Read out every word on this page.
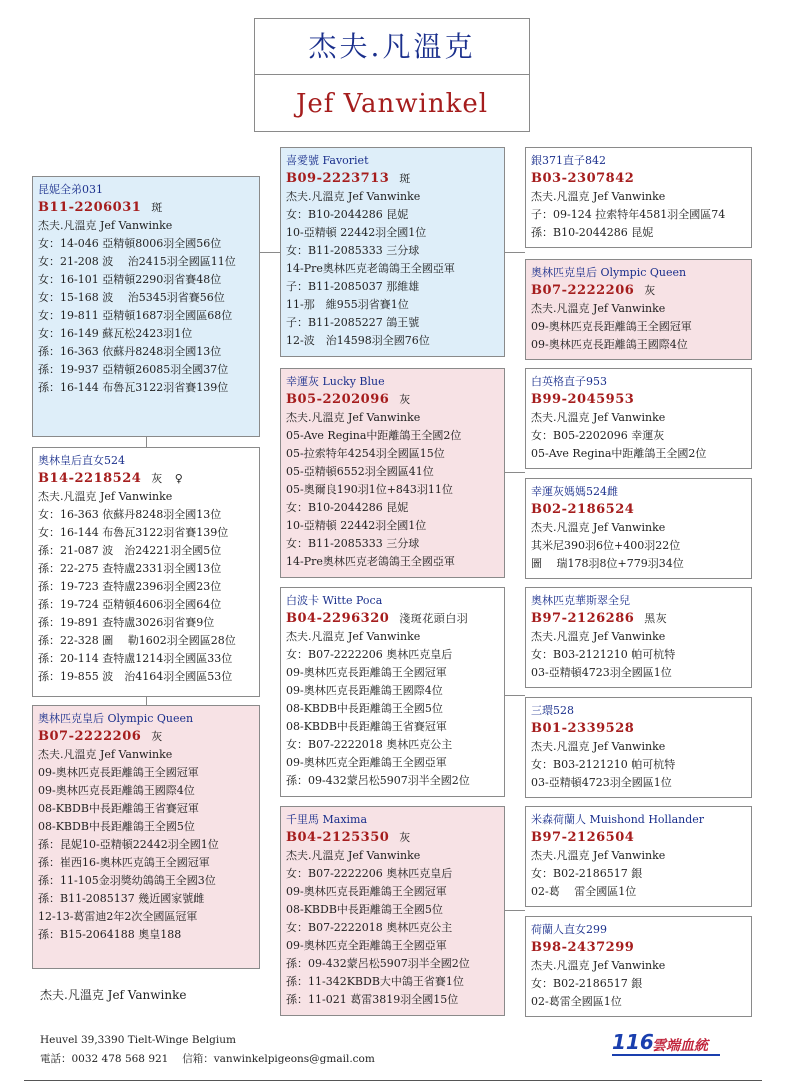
杰夫.凡溫克
Jef Vanwinkel
昆妮全弟031
B11-2206031 斑
杰夫.凡溫克 Jef Vanwinke
女：14-046 亞精頓8006羽全國56位
女：21-208 波　 治2415羽全國區11位
女：16-101 亞精頓2290羽省賽48位
女：15-168 波　 治5345羽省賽56位
女：19-811 亞精頓1687羽全國區68位
女：16-149 蘇瓦松2423羽1位
孫：16-363 依蘇丹8248羽全國13位
孫：19-937 亞精頓26085羽全國37位
孫：16-144 布魯瓦3122羽省賽139位
喜愛號 Favoriet
B09-2223713 斑
杰夫.凡溫克 Jef Vanwinke
女：B10-2044286 昆妮
10-亞精頓 22442羽全國1位
女：B11-2085333 三分球
14-Pre奧林匹克老鴿鴿王全國亞軍
子：B11-2085037 那維雄
11-那　維955羽省賽1位
子：B11-2085227 鴿王號
12-波　治14598羽全國76位
奧林皇后直女524
B14-2218524 灰 ♀
杰夫.凡溫克 Jef Vanwinke
女：16-363 依蘇丹8248羽全國13位
女：16-144 布魯瓦3122羽省賽139位
孫：21-087 波　治24221羽全國5位
孫：22-275 查特盧2331羽全國13位
孫：19-723 查特盧2396羽全國23位
孫：19-724 亞精頓4606羽全國64位
孫：19-891 查特盧3026羽省賽9位
孫：22-328 圖　 勒1602羽全國區28位
孫：20-114 查特盧1214羽全國區33位
孫：19-855 波　治4164羽全國區53位
奧林匹克皇后 Olympic Queen
B07-2222206 灰
杰夫.凡溫克 Jef Vanwinke
09-奧林匹克長距離鴿王全國冠軍
09-奧林匹克長距離鴿王國際4位
08-KBDB中長距離鴿王省賽冠軍
08-KBDB中長距離鴿王全國5位
孫：昆妮10-亞精頓22442羽全國1位
孫：崔西16-奧林匹克鴿王全國冠軍
孫：11-105金羽獎幼鴿鴿王全國3位
孫：B11-2085137 幾近國家號雌
12-13-葛雷迪2年2次全國區冠軍
孫：B15-2064188 奧皇188
幸運灰 Lucky Blue
B05-2202096 灰
杰夫.凡溫克 Jef Vanwinke
05-Ave Regina中距離鴿王全國2位
05-拉索特年4254羽全國區15位
05-亞精頓6552羽全國區41位
05-奧爾良190羽1位+843羽11位
女：B10-2044286 昆妮
10-亞精頓 22442羽全國1位
女：B11-2085333 三分球
14-Pre奧林匹克老鴿鴿王全國亞軍
白波卡 Witte Poca
B04-2296320 淺斑花頭白羽
杰夫.凡溫克 Jef Vanwinke
女：B07-2222206 奧林匹克皇后
09-奧林匹克長距離鴿王全國冠軍
09-奧林匹克長距離鴿王國際4位
08-KBDB中長距離鴿王全國5位
08-KBDB中長距離鴿王省賽冠軍
女：B07-2222018 奧林匹克公主
09-奧林匹克全距離鴿王全國亞軍
孫：09-432蒙呂松5907羽半全國2位
千里馬 Maxima
B04-2125350 灰
杰夫.凡溫克 Jef Vanwinke
女：B07-2222206 奧林匹克皇后
09-奧林匹克長距離鴿王全國冠軍
08-KBDB中長距離鴿王全國5位
女：B07-2222018 奧林匹克公主
09-奧林匹克全距離鴿王全國亞軍
孫：09-432蒙呂松5907羽半全國2位
孫：11-342KBDB大中鴿王省賽1位
孫：11-021 葛雷3819羽全國15位
銀371直子842
B03-2307842
杰夫.凡溫克 Jef Vanwinke
子：09-124 拉索特年4581羽全國區74
孫：B10-2044286 昆妮
奧林匹克皇后 Olympic Queen
B07-2222206 灰
杰夫.凡溫克 Jef Vanwinke
09-奧林匹克長距離鴿王全國冠軍
09-奧林匹克長距離鴿王國際4位
白英格直子953
B99-2045953
杰夫.凡溫克 Jef Vanwinke
女：B05-2202096 幸運灰
05-Ave Regina中距離鴿王全國2位
幸運灰媽媽524雌
B02-2186524
杰夫.凡溫克 Jef Vanwinke
其米尼390羽6位+400羽22位
圖　 瑞178羽8位+779羽34位
奧林匹克華斯翠全兒
B97-2126286 黑灰
杰夫.凡溫克 Jef Vanwinke
女：B03-2121210 帕可杭特
03-亞精頓4723羽全國區1位
三環528
B01-2339528
杰夫.凡溫克 Jef Vanwinke
女：B03-2121210 帕可杭特
03-亞精頓4723羽全國區1位
米森荷蘭人 Muishond Hollander
B97-2126504
杰夫.凡溫克 Jef Vanwinke
女：B02-2186517 銀
02-葛　 雷全國區1位
荷蘭人直女299
B98-2437299
杰夫.凡溫克 Jef Vanwinke
女：B02-2186517 銀
02-葛雷全國區1位
杰夫.凡溫克 Jef Vanwinke
Heuvel 39,3390 Tielt-Winge Belgium
電話：0032 478 568 921　 信箱：vanwinkelpigeons@gmail.com
116
雲端血統
